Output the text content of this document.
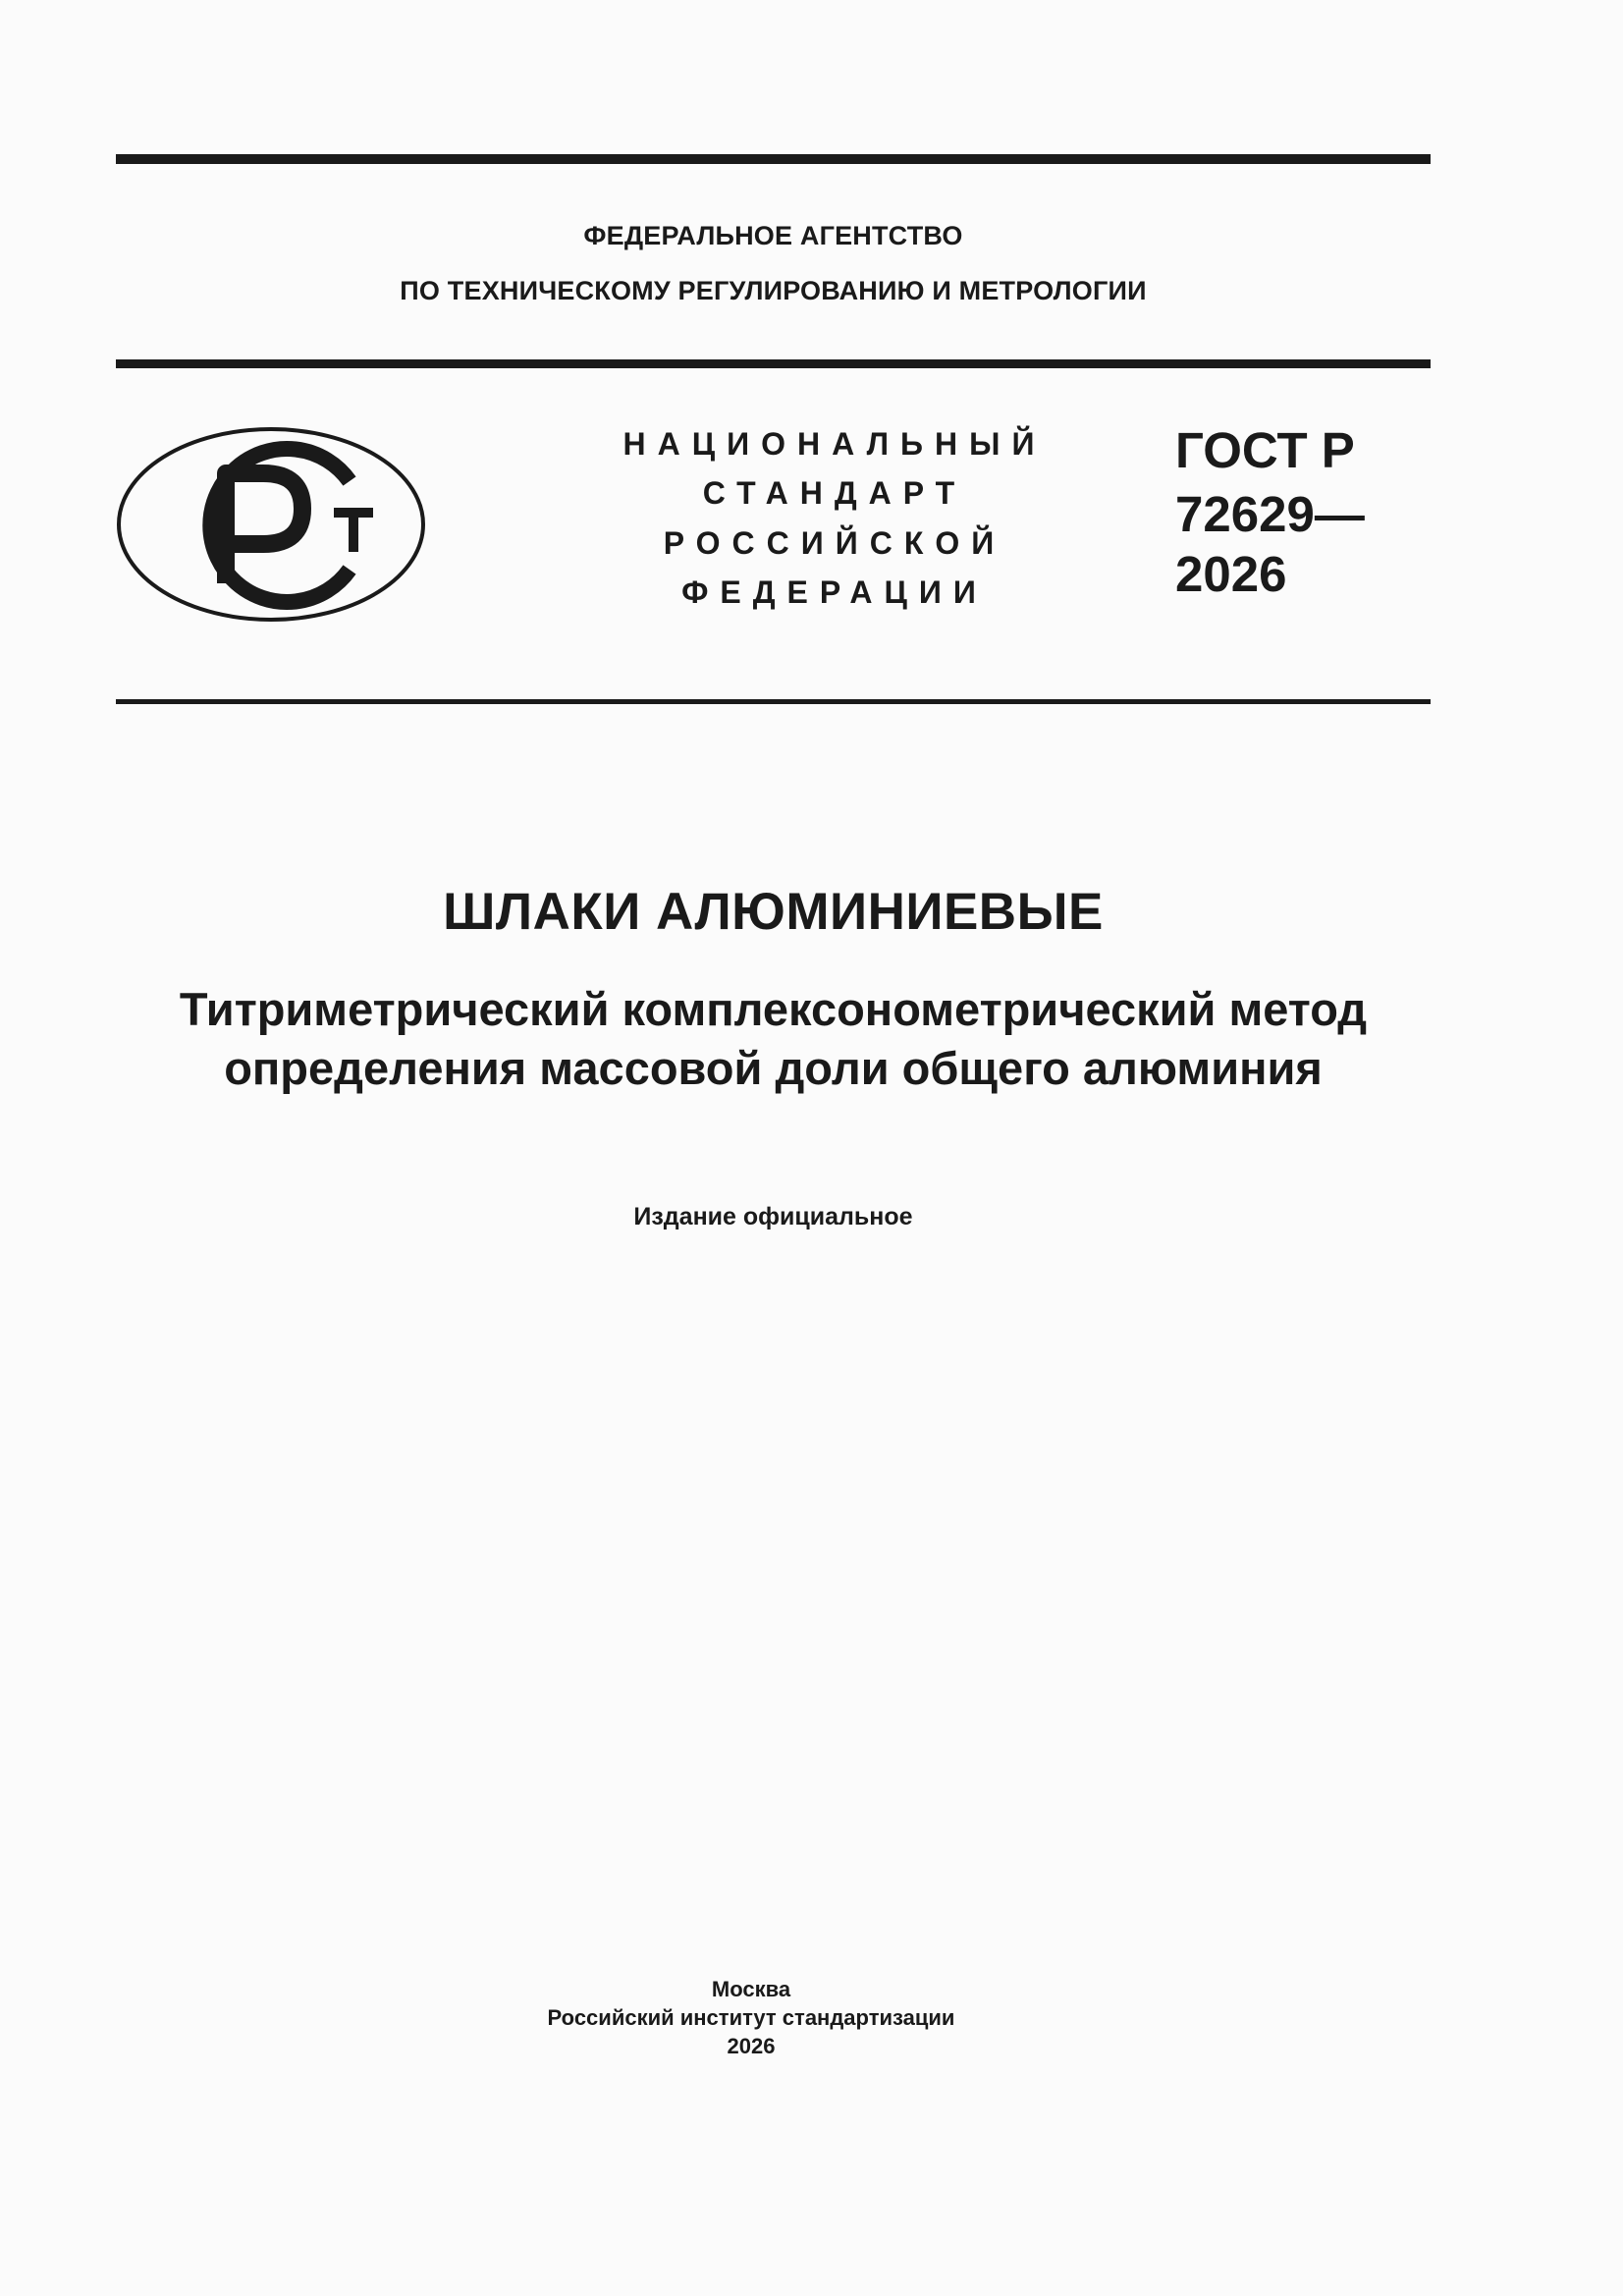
ФЕДЕРАЛЬНОЕ АГЕНТСТВО
ПО ТЕХНИЧЕСКОМУ РЕГУЛИРОВАНИЮ И МЕТРОЛОГИИ
НАЦИОНАЛЬНЫЙ
СТАНДАРТ
РОССИЙСКОЙ
ФЕДЕРАЦИИ
ГОСТ Р
72629—
2026
ШЛАКИ АЛЮМИНИЕВЫЕ
Титриметрический комплексонометрический метод
определения массовой доли общего алюминия
Издание официальное
Москва
Российский институт стандартизации
2026
